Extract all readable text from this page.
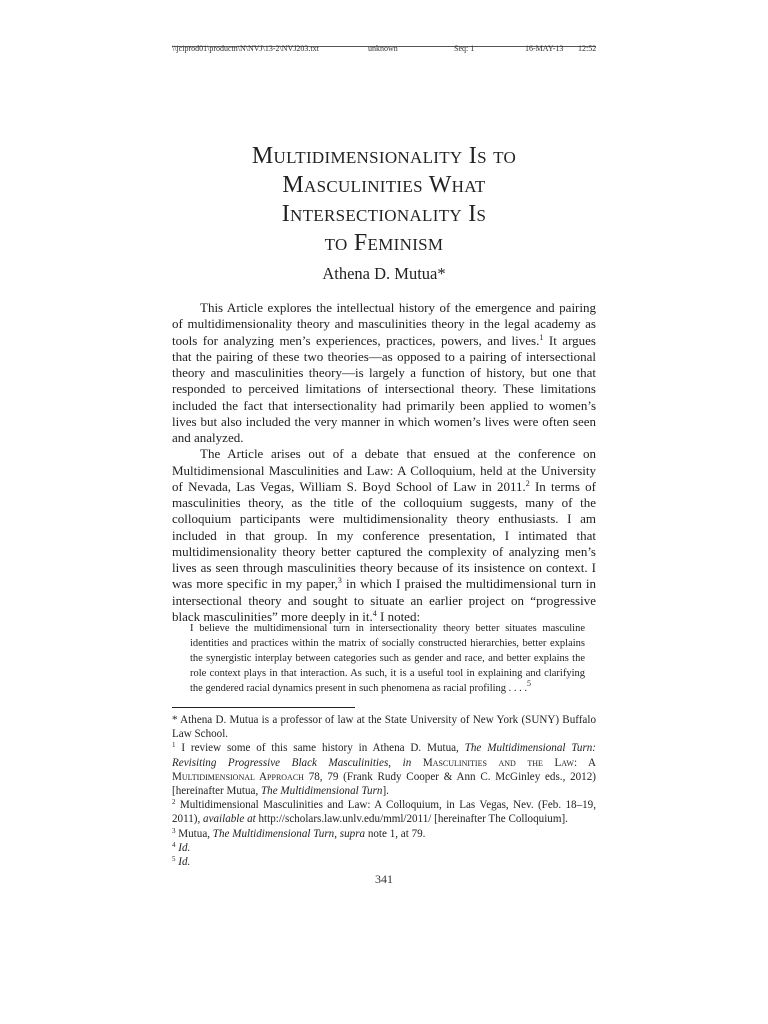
\\jciprod01\productn\N\NVJ\13-2\NVJ203.txt	unknown	Seq: 1	16-MAY-13 12:52
Multidimensionality Is to
Masculinities What
Intersectionality Is
to Feminism
Athena D. Mutua*

This Article explores the intellectual history of the emergence and pairing of multidimensionality theory and masculinities theory in the legal academy as tools for analyzing men’s experiences, practices, powers, and lives.$^1$ It argues that the pairing of these two theories—as opposed to a pairing of intersectional theory and masculinities theory—is largely a function of history, but one that responded to perceived limitations of intersectional theory. These limitations included the fact that intersectionality had primarily been applied to women’s lives but also included the very manner in which women’s lives were often seen and analyzed.

The Article arises out of a debate that ensued at the conference on Multidimensional Masculinities and Law: A Colloquium, held at the University of Nevada, Las Vegas, William S. Boyd School of Law in 2011.$^2$ In terms of masculinities theory, as the title of the colloquium suggests, many of the colloquium participants were multidimensionality theory enthusiasts. I am included in that group. In my conference presentation, I intimated that multidimensionality theory better captured the complexity of analyzing men’s lives as seen through masculinities theory because of its insistence on context. I was more specific in my paper,$^3$ in which I praised the multidimensional turn in intersectional theory and sought to situate an earlier project on “progressive black masculinities” more deeply in it.$^4$ I noted:

I believe the multidimensional turn in intersectionality theory better situates masculine identities and practices within the matrix of socially constructed hierarchies, better explains the synergistic interplay between categories such as gender and race, and better explains the role context plays in that interaction. As such, it is a useful tool in explaining and clarifying the gendered racial dynamics present in such phenomena as racial profiling . . . .$^5$

* Athena D. Mutua is a professor of law at the State University of New York (SUNY) Buffalo Law School.

$^1$ I review some of this same history in Athena D. Mutua, The Multidimensional Turn: Revisiting Progressive Black Masculinities, in Masculinities and the Law: A Multidimensional Approach 78, 79 (Frank Rudy Cooper & Ann C. McGinley eds., 2012) [hereinafter Mutua, The Multidimensional Turn].

$^2$ Multidimensional Masculinities and Law: A Colloquium, in Las Vegas, Nev. (Feb. 18–19, 2011), available at http://scholars.law.unlv.edu/mml/2011/ [hereinafter The Colloquium].

$^3$ Mutua, The Multidimensional Turn, supra note 1, at 79.

$^4$ Id.

$^5$ Id.

341
